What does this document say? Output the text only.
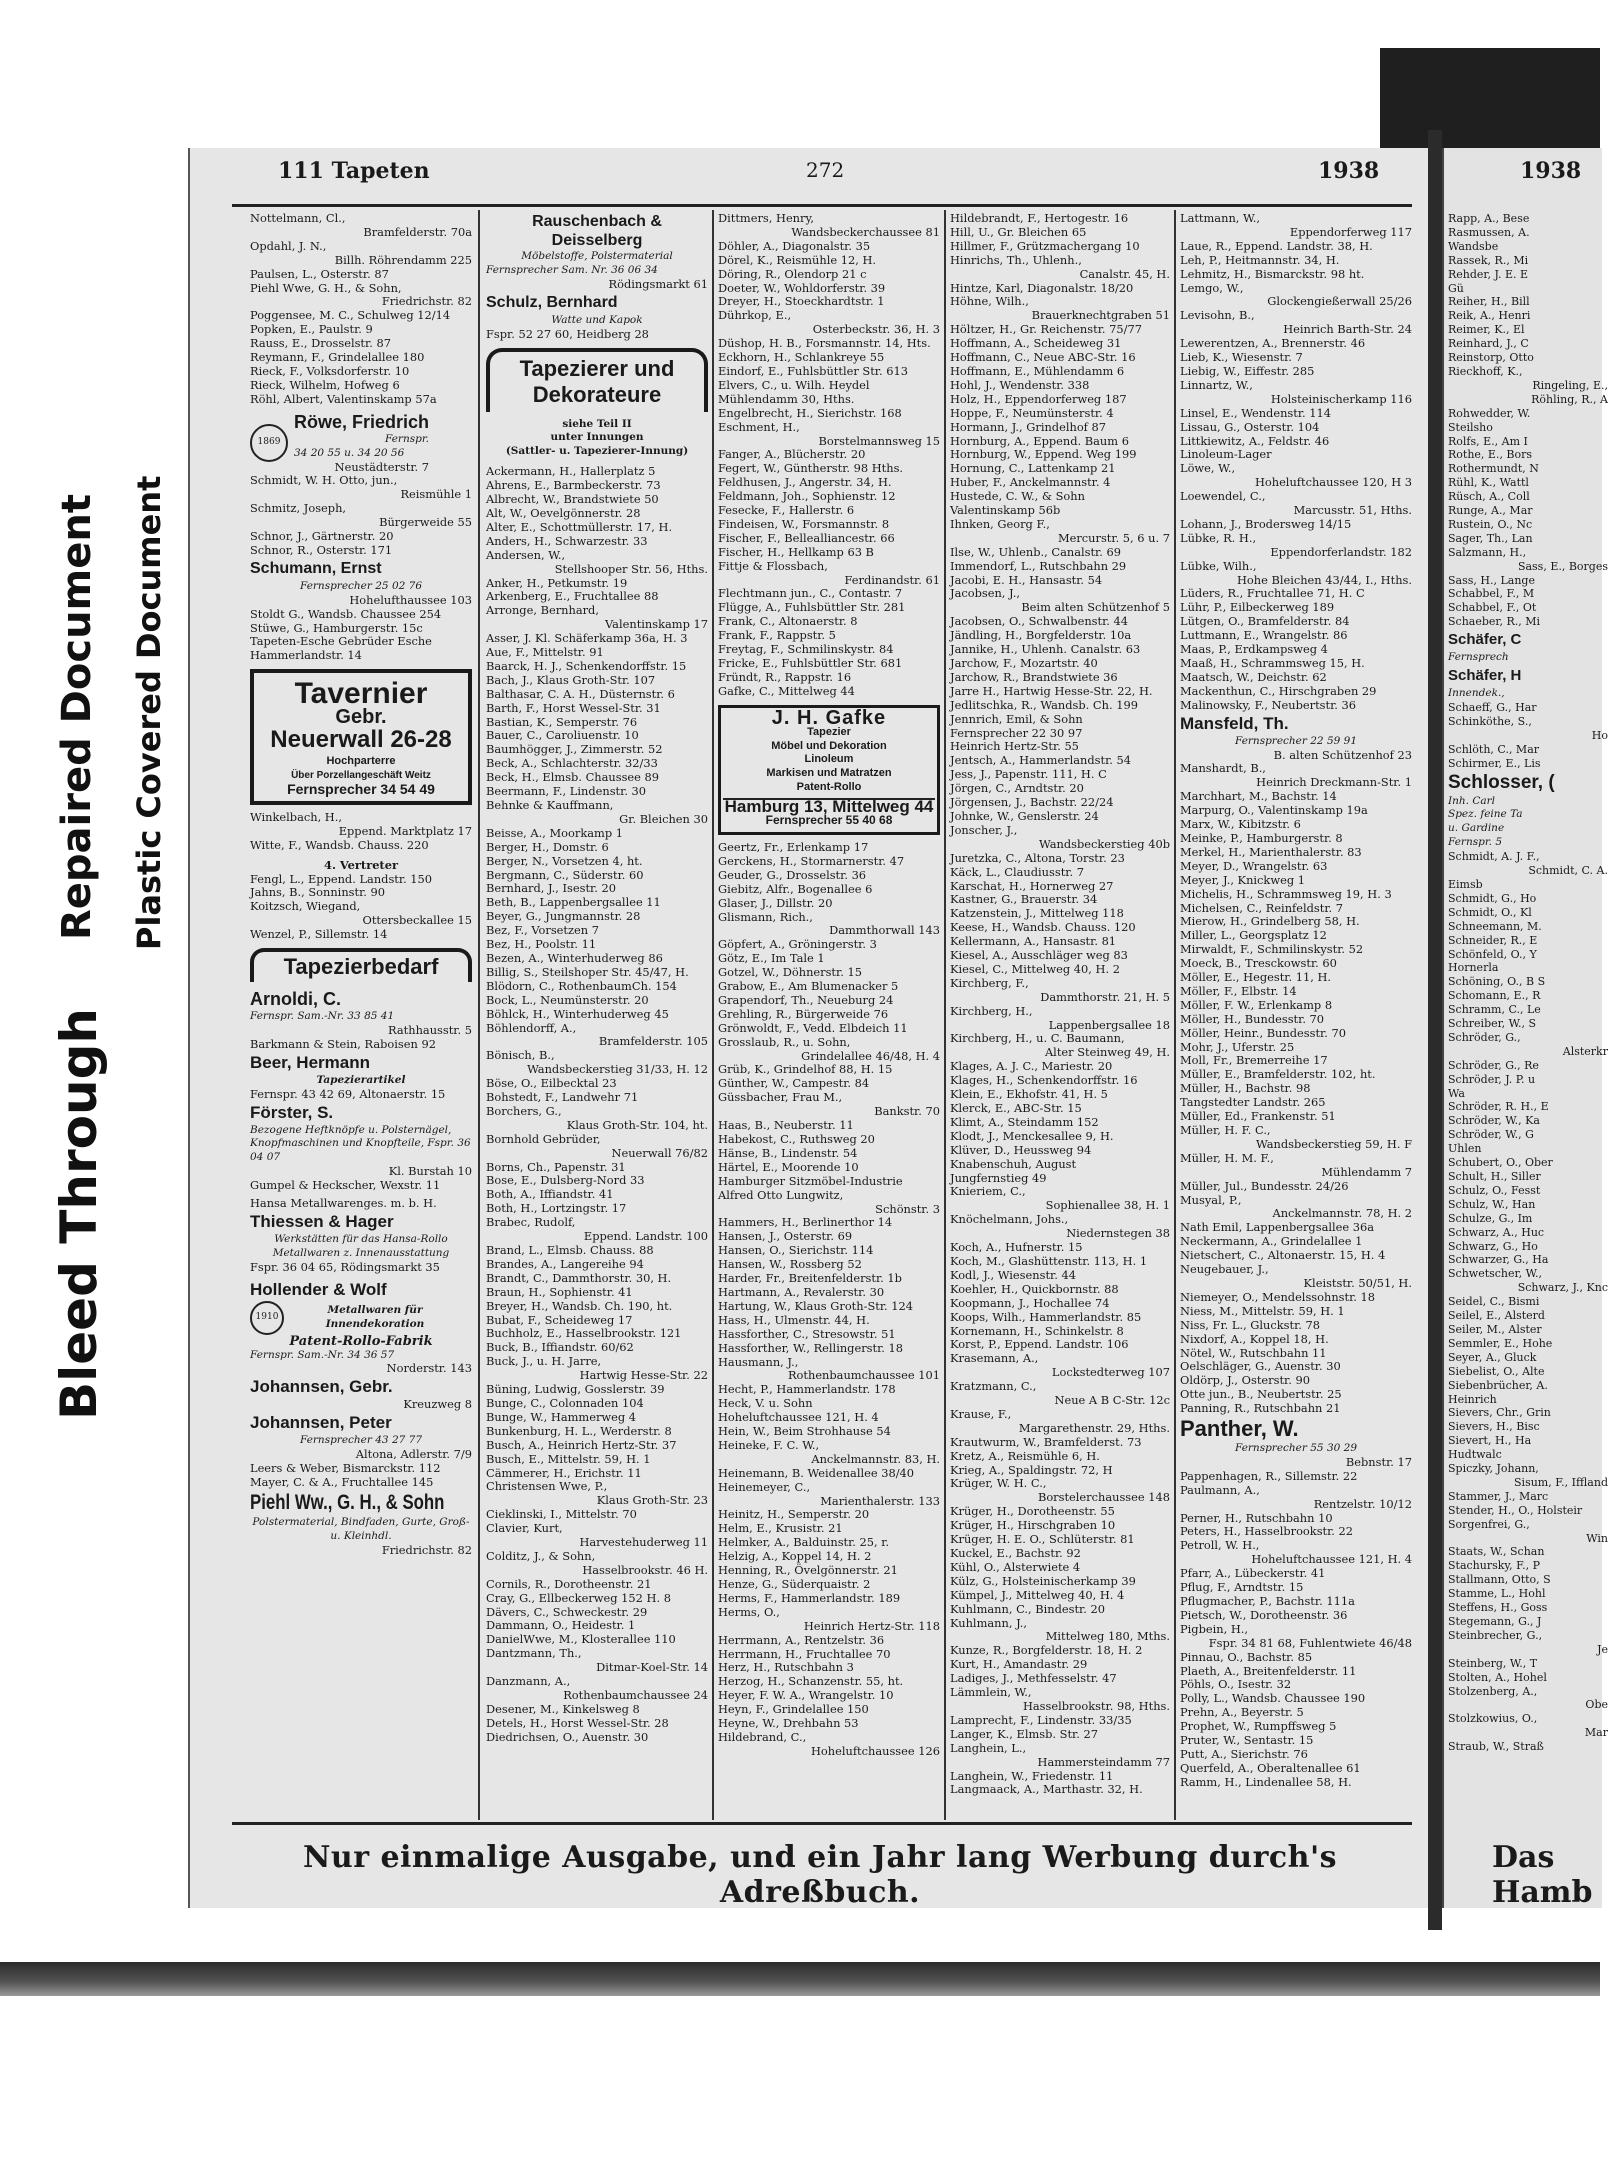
Bleed Through
Repaired Document Plastic Covered Document
111 Tapeten	272	1938	1938
Nottelmann, Cl.,
Bramfelderstr. 70a
Opdahl, J. N.,
Billh. Röhrendamm 225
Paulsen, L., Osterstr. 87
Piehl Wwe, G. H., & Sohn,
Friedrichstr. 82
Poggensee, M. C., Schulweg 12/14
Popken, E., Paulstr. 9
Rauss, E., Drosselstr. 87
Reymann, F., Grindelallee 180
Rieck, F., Volksdorferstr. 10
Rieck, Wilhelm, Hofweg 6
Röhl, Albert, Valentinskamp 57a
1869
Röwe, Friedrich
Fernspr.
34 20 55 u. 34 20 56
Neustädterstr. 7
Schmidt, W. H. Otto, jun.,
Reismühle 1
Schmitz, Joseph,
Bürgerweide 55
Schnor, J., Gärtnerstr. 20
Schnor, R., Osterstr. 171
Schumann, Ernst
Fernsprecher 25 02 76
Hohelufthaussee 103
Stoldt G., Wandsb. Chaussee 254
Stüwe, G., Hamburgerstr. 15c
Tapeten-Esche Gebrüder Esche
Hammerlandstr. 14
Tavernier
Gebr.
Neuerwall 26-28
Hochparterre
Über Porzellangeschäft Weitz
Fernsprecher 34 54 49
Winkelbach, H.,
Eppend. Marktplatz 17
Witte, F., Wandsb. Chauss. 220
4. Vertreter
Fengl, L., Eppend. Landstr. 150
Jahns, B., Sonninstr. 90
Koitzsch, Wiegand,
Ottersbeckallee 15
Wenzel, P., Sillemstr. 14
Tapezierbedarf
Arnoldi, C.
Fernspr. Sam.-Nr. 33 85 41
Rathhausstr. 5
Barkmann & Stein, Raboisen 92
Beer, Hermann
Tapezierartikel
Fernspr. 43 42 69, Altonaerstr. 15
Förster, S.
Bezogene Heftknöpfe u. Polsternägel, Knopfmaschinen und Knopfteile, Fspr. 36 04 07
Kl. Burstah 10
Gumpel & Heckscher, Wexstr. 11
Hansa Metallwarenges. m. b. H.
Thiessen & Hager
Werkstätten für das Hansa-Rollo
Metallwaren z. Innenausstattung
Fspr. 36 04 65, Rödingsmarkt 35
Hollender & Wolf
1910
Metallwaren für Innendekoration
Patent-Rollo-Fabrik
Fernspr. Sam.-Nr. 34 36 57
Norderstr. 143
Johannsen, Gebr.
Kreuzweg 8
Johannsen, Peter
Fernsprecher 43 27 77
Altona, Adlerstr. 7/9
Leers & Weber, Bismarckstr. 112
Mayer, C. & A., Fruchtallee 145
Piehl Ww., G. H., & Sohn
Polstermaterial, Bindfaden, Gurte, Groß- u. Kleinhdl.
Friedrichstr. 82
Rauschenbach & Deisselberg
Möbelstoffe, Polstermaterial
Fernsprecher Sam. Nr. 36 06 34
Rödingsmarkt 61
Schulz, Bernhard
Watte und Kapok
Fspr. 52 27 60, Heidberg 28
Tapezierer und
Dekorateure
siehe Teil II
unter Innungen
(Sattler- u. Tapezierer-Innung)
Ackermann, H., Hallerplatz 5
Ahrens, E., Barmbeckerstr. 73
Albrecht, W., Brandstwiete 50
Alt, W., Oevelgönnerstr. 28
Alter, E., Schottmüllerstr. 17, H.
Anders, H., Schwarzestr. 33
Andersen, W.,
Stellshooper Str. 56, Hths.
Anker, H., Petkumstr. 19
Arkenberg, E., Fruchtallee 88
Arronge, Bernhard,
Valentinskamp 17
Asser, J. Kl. Schäferkamp 36a, H. 3
Aue, F., Mittelstr. 91
Baarck, H. J., Schenkendorffstr. 15
Bach, J., Klaus Groth-Str. 107
Balthasar, C. A. H., Düsternstr. 6
Barth, F., Horst Wessel-Str. 31
Bastian, K., Semperstr. 76
Bauer, C., Caroliuenstr. 10
Baumhögger, J., Zimmerstr. 52
Beck, A., Schlachterstr. 32/33
Beck, H., Elmsb. Chaussee 89
Beermann, F., Lindenstr. 30
Behnke & Kauffmann,
Gr. Bleichen 30
Beisse, A., Moorkamp 1
Berger, H., Domstr. 6
Berger, N., Vorsetzen 4, ht.
Bergmann, C., Süderstr. 60
Bernhard, J., Isestr. 20
Beth, B., Lappenbergsallee 11
Beyer, G., Jungmannstr. 28
Bez, F., Vorsetzen 7
Bez, H., Poolstr. 11
Bezen, A., Winterhuderweg 86
Billig, S., Steilshoper Str. 45/47, H.
Blödorn, C., RothenbaumCh. 154
Bock, L., Neumünsterstr. 20
Böhlck, H., Winterhuderweg 45
Böhlendorff, A.,
Bramfelderstr. 105
Bönisch, B.,
Wandsbeckerstieg 31/33, H. 12
Böse, O., Eilbecktal 23
Bohstedt, F., Landwehr 71
Borchers, G.,
Klaus Groth-Str. 104, ht.
Bornhold Gebrüder,
Neuerwall 76/82
Borns, Ch., Papenstr. 31
Bose, E., Dulsberg-Nord 33
Both, A., Iffiandstr. 41
Both, H., Lortzingstr. 17
Brabec, Rudolf,
Eppend. Landstr. 100
Brand, L., Elmsb. Chauss. 88
Brandes, A., Langereihe 94
Brandt, C., Dammthorstr. 30, H.
Braun, H., Sophienstr. 41
Breyer, H., Wandsb. Ch. 190, ht.
Bubat, F., Scheideweg 17
Buchholz, E., Hasselbrookstr. 121
Buck, B., Iffiandstr. 60/62
Buck, J., u. H. Jarre,
Hartwig Hesse-Str. 22
Büning, Ludwig, Gosslerstr. 39
Bunge, C., Colonnaden 104
Bunge, W., Hammerweg 4
Bunkenburg, H. L., Werderstr. 8
Busch, A., Heinrich Hertz-Str. 37
Busch, E., Mittelstr. 59, H. 1
Cämmerer, H., Erichstr. 11
Christensen Wwe, P.,
Klaus Groth-Str. 23
Cieklinski, I., Mittelstr. 70
Clavier, Kurt,
Harvestehuderweg 11
Colditz, J., & Sohn,
Hasselbrookstr. 46 H.
Cornils, R., Dorotheenstr. 21
Cray, G., Ellbeckerweg 152 H. 8
Dävers, C., Schweckestr. 29
Dammann, O., Heidestr. 1
DanielWwe, M., Klosterallee 110
Dantzmann, Th.,
Ditmar-Koel-Str. 14
Danzmann, A.,
Rothenbaumchaussee 24
Desener, M., Kinkelsweg 8
Detels, H., Horst Wessel-Str. 28
Diedrichsen, O., Auenstr. 30
Dittmers, Henry,
Wandsbeckerchaussee 81
Döhler, A., Diagonalstr. 35
Dörel, K., Reismühle 12, H.
Döring, R., Olendorp 21 c
Doeter, W., Wohldorferstr. 39
Dreyer, H., Stoeckhardtstr. 1
Dührkop, E.,
Osterbeckstr. 36, H. 3
Düshop, H. B., Forsmannstr. 14, Hts.
Eckhorn, H., Schlankreye 55
Eindorf, E., Fuhlsbüttler Str. 613
Elvers, C., u. Wilh. Heydel
Mühlendamm 30, Hths.
Engelbrecht, H., Sierichstr. 168
Eschment, H.,
Borstelmannsweg 15
Fanger, A., Blücherstr. 20
Fegert, W., Güntherstr. 98 Hths.
Feldhusen, J., Angerstr. 34, H.
Feldmann, Joh., Sophienstr. 12
Fesecke, F., Hallerstr. 6
Findeisen, W., Forsmannstr. 8
Fischer, F., Bellealliancestr. 66
Fischer, H., Hellkamp 63 B
Fittje & Flossbach,
Ferdinandstr. 61
Flechtmann jun., C., Contastr. 7
Flügge, A., Fuhlsbüttler Str. 281
Frank, C., Altonaerstr. 8
Frank, F., Rappstr. 5
Freytag, F., Schmilinskystr. 84
Fricke, E., Fuhlsbüttler Str. 681
Fründt, R., Rappstr. 16
Gafke, C., Mittelweg 44
J. H. Gafke
Tapezier
Möbel und Dekoration
Linoleum
Markisen und Matratzen
Patent-Rollo
Hamburg 13, Mittelweg 44
Fernsprecher 55 40 68
Geertz, Fr., Erlenkamp 17
Gerckens, H., Stormarnerstr. 47
Geuder, G., Drosselstr. 36
Giebitz, Alfr., Bogenallee 6
Glaser, J., Dillstr. 20
Glismann, Rich.,
Dammthorwall 143
Göpfert, A., Gröningerstr. 3
Götz, E., Im Tale 1
Gotzel, W., Döhnerstr. 15
Grabow, E., Am Blumenacker 5
Grapendorf, Th., Neueburg 24
Grehling, R., Bürgerweide 76
Grönwoldt, F., Vedd. Elbdeich 11
Grosslaub, R., u. Sohn,
Grindelallee 46/48, H. 4
Grüb, K., Grindelhof 88, H. 15
Günther, W., Campestr. 84
Güssbacher, Frau M.,
Bankstr. 70
Haas, B., Neuberstr. 11
Habekost, C., Ruthsweg 20
Hänse, B., Lindenstr. 54
Härtel, E., Moorende 10
Hamburger Sitzmöbel-Industrie
Alfred Otto Lungwitz,
Schönstr. 3
Hammers, H., Berlinerthor 14
Hansen, J., Osterstr. 69
Hansen, O., Sierichstr. 114
Hansen, W., Rossberg 52
Harder, Fr., Breitenfelderstr. 1b
Hartmann, A., Revalerstr. 30
Hartung, W., Klaus Groth-Str. 124
Hass, H., Ulmenstr. 44, H.
Hassforther, C., Stresowstr. 51
Hassforther, W., Rellingerstr. 18
Hausmann, J.,
Rothenbaumchaussee 101
Hecht, P., Hammerlandstr. 178
Heck, V. u. Sohn
Hoheluftchaussee 121, H. 4
Hein, W., Beim Strohhause 54
Heineke, F. C. W.,
Anckelmannstr. 83, H.
Heinemann, B. Weidenallee 38/40
Heinemeyer, C.,
Marienthalerstr. 133
Heinitz, H., Semperstr. 20
Helm, E., Krusistr. 21
Helmker, A., Balduinstr. 25, r.
Helzig, A., Koppel 14, H. 2
Henning, R., Övelgönnerstr. 21
Henze, G., Süderquaistr. 2
Herms, F., Hammerlandstr. 189
Herms, O.,
Heinrich Hertz-Str. 118
Herrmann, A., Rentzelstr. 36
Herrmann, H., Fruchtallee 70
Herz, H., Rutschbahn 3
Herzog, H., Schanzenstr. 55, ht.
Heyer, F. W. A., Wrangelstr. 10
Heyn, F., Grindelallee 150
Heyne, W., Drehbahn 53
Hildebrand, C.,
Hoheluftchaussee 126
Hildebrandt, F., Hertogestr. 16
Hill, U., Gr. Bleichen 65
Hillmer, F., Grützmachergang 10
Hinrichs, Th., Uhlenh.,
Canalstr. 45, H.
Hintze, Karl, Diagonalstr. 18/20
Höhne, Wilh.,
Brauerknechtgraben 51
Höltzer, H., Gr. Reichenstr. 75/77
Hoffmann, A., Scheideweg 31
Hoffmann, C., Neue ABC-Str. 16
Hoffmann, E., Mühlendamm 6
Hohl, J., Wendenstr. 338
Holz, H., Eppendorferweg 187
Hoppe, F., Neumünsterstr. 4
Hormann, J., Grindelhof 87
Hornburg, A., Eppend. Baum 6
Hornburg, W., Eppend. Weg 199
Hornung, C., Lattenkamp 21
Huber, F., Anckelmannstr. 4
Hustede, C. W., & Sohn
Valentinskamp 56b
Ihnken, Georg F.,
Mercurstr. 5, 6 u. 7
Ilse, W., Uhlenb., Canalstr. 69
Immendorf, L., Rutschbahn 29
Jacobi, E. H., Hansastr. 54
Jacobsen, J.,
Beim alten Schützenhof 5
Jacobsen, O., Schwalbenstr. 44
Jändling, H., Borgfelderstr. 10a
Jannike, H., Uhlenh. Canalstr. 63
Jarchow, F., Mozartstr. 40
Jarchow, R., Brandstwiete 36
Jarre H., Hartwig Hesse-Str. 22, H.
Jedlitschka, R., Wandsb. Ch. 199
Jennrich, Emil, & Sohn
Fernsprecher 22 30 97
Heinrich Hertz-Str. 55
Jentsch, A., Hammerlandstr. 54
Jess, J., Papenstr. 111, H. C
Jörgen, C., Arndtstr. 20
Jörgensen, J., Bachstr. 22/24
Johnke, W., Genslerstr. 24
Jonscher, J.,
Wandsbeckerstieg 40b
Juretzka, C., Altona, Torstr. 23
Käck, L., Claudiusstr. 7
Karschat, H., Hornerweg 27
Kastner, G., Brauerstr. 34
Katzenstein, J., Mittelweg 118
Keese, H., Wandsb. Chauss. 120
Kellermann, A., Hansastr. 81
Kiesel, A., Ausschläger weg 83
Kiesel, C., Mittelweg 40, H. 2
Kirchberg, F.,
Dammthorstr. 21, H. 5
Kirchberg, H.,
Lappenbergsallee 18
Kirchberg, H., u. C. Baumann,
Alter Steinweg 49, H.
Klages, A. J. C., Mariestr. 20
Klages, H., Schenkendorffstr. 16
Klein, E., Ekhofstr. 41, H. 5
Klerck, E., ABC-Str. 15
Klimt, A., Steindamm 152
Klodt, J., Menckesallee 9, H.
Klüver, D., Heussweg 94
Knabenschuh, August
Jungfernstieg 49
Knieriem, C.,
Sophienallee 38, H. 1
Knöchelmann, Johs.,
Niedernstegen 38
Koch, A., Hufnerstr. 15
Koch, M., Glashüttenstr. 113, H. 1
Kodl, J., Wiesenstr. 44
Koehler, H., Quickbornstr. 88
Koopmann, J., Hochallee 74
Koops, Wilh., Hammerlandstr. 85
Kornemann, H., Schinkelstr. 8
Korst, P., Eppend. Landstr. 106
Krasemann, A.,
Lockstedterweg 107
Kratzmann, C.,
Neue A B C-Str. 12c
Krause, F.,
Margarethenstr. 29, Hths.
Krautwurm, W., Bramfelderst. 73
Kretz, A., Reismühle 6, H.
Krieg, A., Spaldingstr. 72, H
Krüger, W. H. C.,
Borstelerchaussee 148
Krüger, H., Dorotheenstr. 55
Krüger, H., Hirschgraben 10
Krüger, H. E. O., Schlüterstr. 81
Kuckel, E., Bachstr. 92
Kühl, O., Alsterwiete 4
Külz, G., Holsteinischerkamp 39
Kümpel, J., Mittelweg 40, H. 4
Kuhlmann, C., Bindestr. 20
Kuhlmann, J.,
Mittelweg 180, Mths.
Kunze, R., Borgfelderstr. 18, H. 2
Kurt, H., Amandastr. 29
Ladiges, J., Methfesselstr. 47
Lämmlein, W.,
Hasselbrookstr. 98, Hths.
Lamprecht, F., Lindenstr. 33/35
Langer, K., Elmsb. Str. 27
Langhein, L.,
Hammersteindamm 77
Langhein, W., Friedenstr. 11
Langmaack, A., Marthastr. 32, H.
Lattmann, W.,
Eppendorferweg 117
Laue, R., Eppend. Landstr. 38, H.
Leh, P., Heitmannstr. 34, H.
Lehmitz, H., Bismarckstr. 98 ht.
Lemgo, W.,
Glockengießerwall 25/26
Levisohn, B.,
Heinrich Barth-Str. 24
Lewerentzen, A., Brennerstr. 46
Lieb, K., Wiesenstr. 7
Liebig, W., Eiffestr. 285
Linnartz, W.,
Holsteinischerkamp 116
Linsel, E., Wendenstr. 114
Lissau, G., Osterstr. 104
Littkiewitz, A., Feldstr. 46
Linoleum-Lager
Löwe, W.,
Hoheluftchaussee 120, H 3
Loewendel, C.,
Marcusstr. 51, Hths.
Lohann, J., Brodersweg 14/15
Lübke, R. H.,
Eppendorferlandstr. 182
Lübke, Wilh.,
Hohe Bleichen 43/44, I., Hths.
Lüders, R., Fruchtallee 71, H. C
Lühr, P., Eilbeckerweg 189
Lütgen, O., Bramfelderstr. 84
Luttmann, E., Wrangelstr. 86
Maas, P., Erdkampsweg 4
Maaß, H., Schrammsweg 15, H.
Maatsch, W., Deichstr. 62
Mackenthun, C., Hirschgraben 29
Malinowsky, F., Neubertstr. 36
Mansfeld, Th.
Fernsprecher 22 59 91
B. alten Schützenhof 23
Manshardt, B.,
Heinrich Dreckmann-Str. 1
Marchhart, M., Bachstr. 14
Marpurg, O., Valentinskamp 19a
Marx, W., Kibitzstr. 6
Meinke, P., Hamburgerstr. 8
Merkel, H., Marienthalerstr. 83
Meyer, D., Wrangelstr. 63
Meyer, J., Knickweg 1
Michelis, H., Schrammsweg 19, H. 3
Michelsen, C., Reinfeldstr. 7
Mierow, H., Grindelberg 58, H.
Miller, L., Georgsplatz 12
Mirwaldt, F., Schmilinskystr. 52
Moeck, B., Tresckowstr. 60
Möller, E., Hegestr. 11, H.
Möller, F., Elbstr. 14
Möller, F. W., Erlenkamp 8
Möller, H., Bundesstr. 70
Möller, Heinr., Bundesstr. 70
Mohr, J., Uferstr. 25
Moll, Fr., Bremerreihe 17
Müller, E., Bramfelderstr. 102, ht.
Müller, H., Bachstr. 98
Tangstedter Landstr. 265
Müller, Ed., Frankenstr. 51
Müller, H. F. C.,
Wandsbeckerstieg 59, H. F
Müller, H. M. F.,
Mühlendamm 7
Müller, Jul., Bundesstr. 24/26
Musyal, P.,
Anckelmannstr. 78, H. 2
Nath Emil, Lappenbergsallee 36a
Neckermann, A., Grindelallee 1
Nietschert, C., Altonaerstr. 15, H. 4
Neugebauer, J.,
Kleiststr. 50/51, H.
Niemeyer, O., Mendelssohnstr. 18
Niess, M., Mittelstr. 59, H. 1
Niss, Fr. L., Gluckstr. 78
Nixdorf, A., Koppel 18, H.
Nötel, W., Rutschbahn 11
Oelschläger, G., Auenstr. 30
Oldörp, J., Osterstr. 90
Otte jun., B., Neubertstr. 25
Panning, R., Rutschbahn 21
Panther, W.
Fernsprecher 55 30 29
Bebnstr. 17
Pappenhagen, R., Sillemstr. 22
Paulmann, A.,
Rentzelstr. 10/12
Perner, H., Rutschbahn 10
Peters, H., Hasselbrookstr. 22
Petroll, W. H.,
Hoheluftchaussee 121, H. 4
Pfarr, A., Lübeckerstr. 41
Pflug, F., Arndtstr. 15
Pflugmacher, P., Bachstr. 111a
Pietsch, W., Dorotheenstr. 36
Pigbein, H.,
Fspr. 34 81 68, Fuhlentwiete 46/48
Pinnau, O., Bachstr. 85
Plaeth, A., Breitenfelderstr. 11
Pöhls, O., Isestr. 32
Polly, L., Wandsb. Chaussee 190
Prehn, A., Beyerstr. 5
Prophet, W., Rumpffsweg 5
Pruter, W., Sentastr. 15
Putt, A., Sierichstr. 76
Querfeld, A., Oberaltenallee 61
Ramm, H., Lindenallee 58, H.
Rapp, A., Bese
Rasmussen, A.
Wandsbe
Rassek, R., Mi
Rehder, J. E. E
Gü
Reiher, H., Bill
Reik, A., Henri
Reimer, K., El
Reinhard, J., C
Reinstorp, Otto
Rieckhoff, K.,
Ringeling, E.,
Röhling, R., A
Rohwedder, W.
Steilsho
Rolfs, E., Am I
Rothe, E., Bors
Rothermundt, N
Rühl, K., Wattl
Rüsch, A., Coll
Runge, A., Mar
Rustein, O., Nc
Sager, Th., Lan
Salzmann, H.,
Sass, E., Borges
Sass, H., Lange
Schabbel, F., M
Schabbel, F., Ot
Schaeber, R., Mi
Schäfer, C
Fernsprech
Schäfer, H
Innendek.,
Schaeff, G., Har
Schinköthe, S.,
Ho
Schlöth, C., Mar
Schirmer, E., Lis
Schlosser, (
Inh. Carl
Spez. feine Ta
u. Gardine
Fernspr. 5
Schmidt, A. J. F.,
Schmidt, C. A.
Eimsb
Schmidt, G., Ho
Schmidt, O., Kl
Schneemann, M.
Schneider, R., E
Schönfeld, O., Y
Hornerla
Schöning, O., B S
Schomann, E., R
Schramm, C., Le
Schreiber, W., S
Schröder, G.,
Alsterkr
Schröder, G., Re
Schröder, J. P. u
Wa
Schröder, R. H., E
Schröder, W., Ka
Schröder, W., G
Uhlen
Schubert, O., Ober
Schult, H., Siller
Schulz, O., Fesst
Schulz, W., Han
Schulze, G., Im
Schwarz, A., Huc
Schwarz, G., Ho
Schwarzer, G., Ha
Schwetscher, W.,
Schwarz, J., Knc
Seidel, C., Bismi
Seilel, E., Alsterd
Seiler, M., Alster
Semmler, E., Hohe
Seyer, A., Gluck
Siebelist, O., Alte
Siebenbrücher, A.
Heinrich
Sievers, Chr., Grin
Sievers, H., Bisc
Sievert, H., Ha
Hudtwalc
Spiczky, Johann,
Sisum, F., Iffland
Stammer, J., Marc
Stender, H., O., Holsteir
Sorgenfrei, G.,
Win
Staats, W., Schan
Stachursky, F., P
Stallmann, Otto, S
Stamme, L., Hohl
Steffens, H., Goss
Stegemann, G., J
Steinbrecher, G.,
Je
Steinberg, W., T
Stolten, A., Hohel
Stolzenberg, A.,
Obe
Stolzkowius, O.,
Mar
Straub, W., Straß
Nur einmalige Ausgabe, und ein Jahr lang Werbung durch's Adreßbuch.
Das Hamb
